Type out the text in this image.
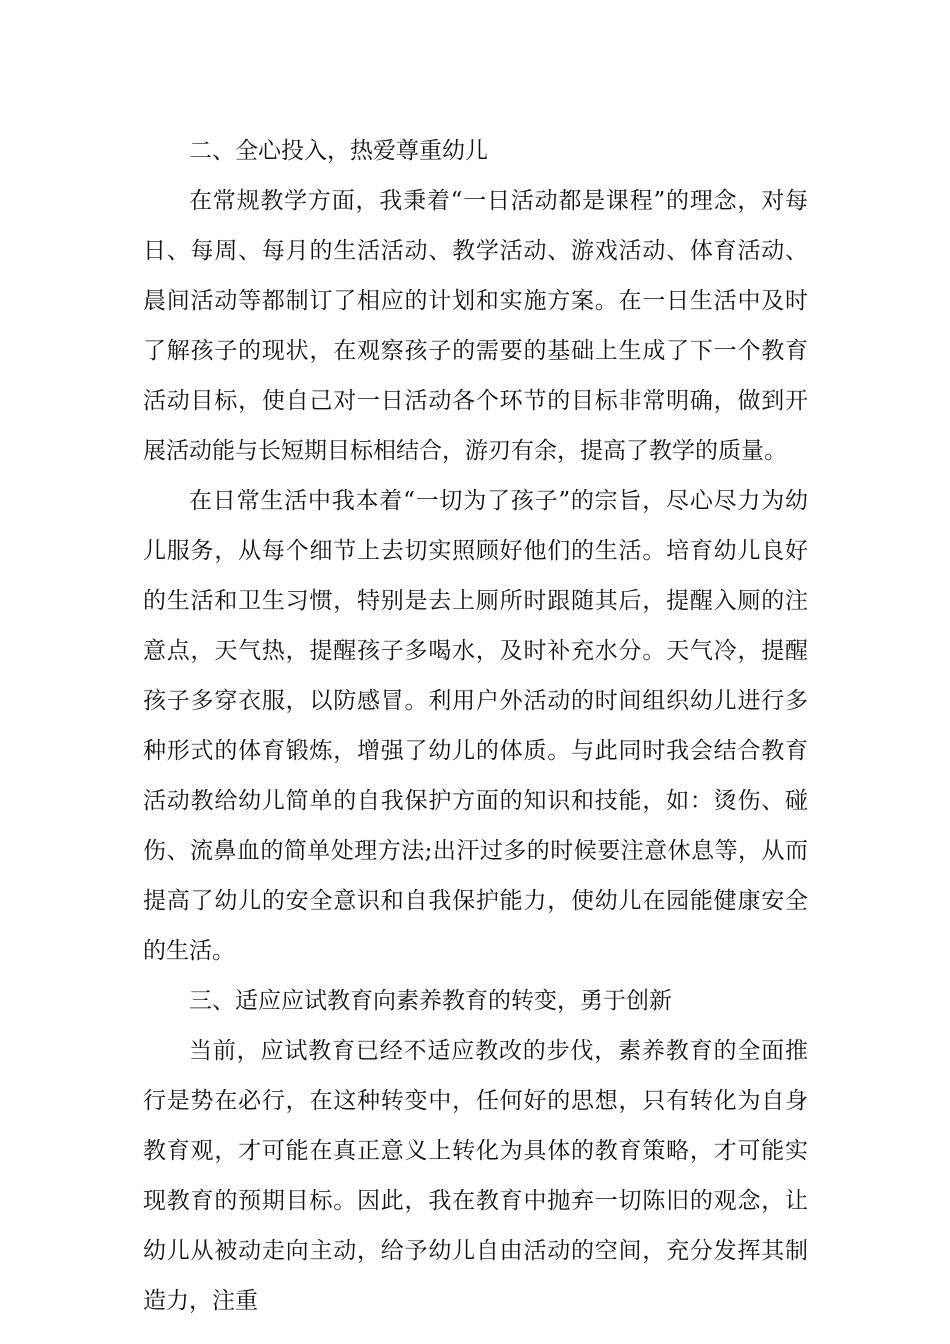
二、全心投入，热爱尊重幼儿

在常规教学方面，我秉着“一日活动都是课程”的理念，对每日、每周、每月的生活活动、教学活动、游戏活动、体育活动、晨间活动等都制订了相应的计划和实施方案。在一日生活中及时了解孩子的现状，在观察孩子的需要的基础上生成了下一个教育活动目标，使自己对一日活动各个环节的目标非常明确，做到开展活动能与长短期目标相结合，游刃有余，提高了教学的质量。

在日常生活中我本着“一切为了孩子”的宗旨，尽心尽力为幼儿服务，从每个细节上去切实照顾好他们的生活。培育幼儿良好的生活和卫生习惯，特别是去上厕所时跟随其后，提醒入厕的注意点，天气热，提醒孩子多喝水，及时补充水分。天气冷，提醒孩子多穿衣服，以防感冒。利用户外活动的时间组织幼儿进行多种形式的体育锻炼，增强了幼儿的体质。与此同时我会结合教育活动教给幼儿简单的自我保护方面的知识和技能，如：烫伤、碰伤、流鼻血的简单处理方法;出汗过多的时候要注意休息等，从而提高了幼儿的安全意识和自我保护能力，使幼儿在园能健康安全的生活。

三、适应应试教育向素养教育的转变，勇于创新

当前，应试教育已经不适应教改的步伐，素养教育的全面推行是势在必行，在这种转变中，任何好的思想，只有转化为自身教育观，才可能在真正意义上转化为具体的教育策略，才可能实现教育的预期目标。因此，我在教育中抛弃一切陈旧的观念，让幼儿从被动走向主动，给予幼儿自由活动的空间，充分发挥其制造力，注重
